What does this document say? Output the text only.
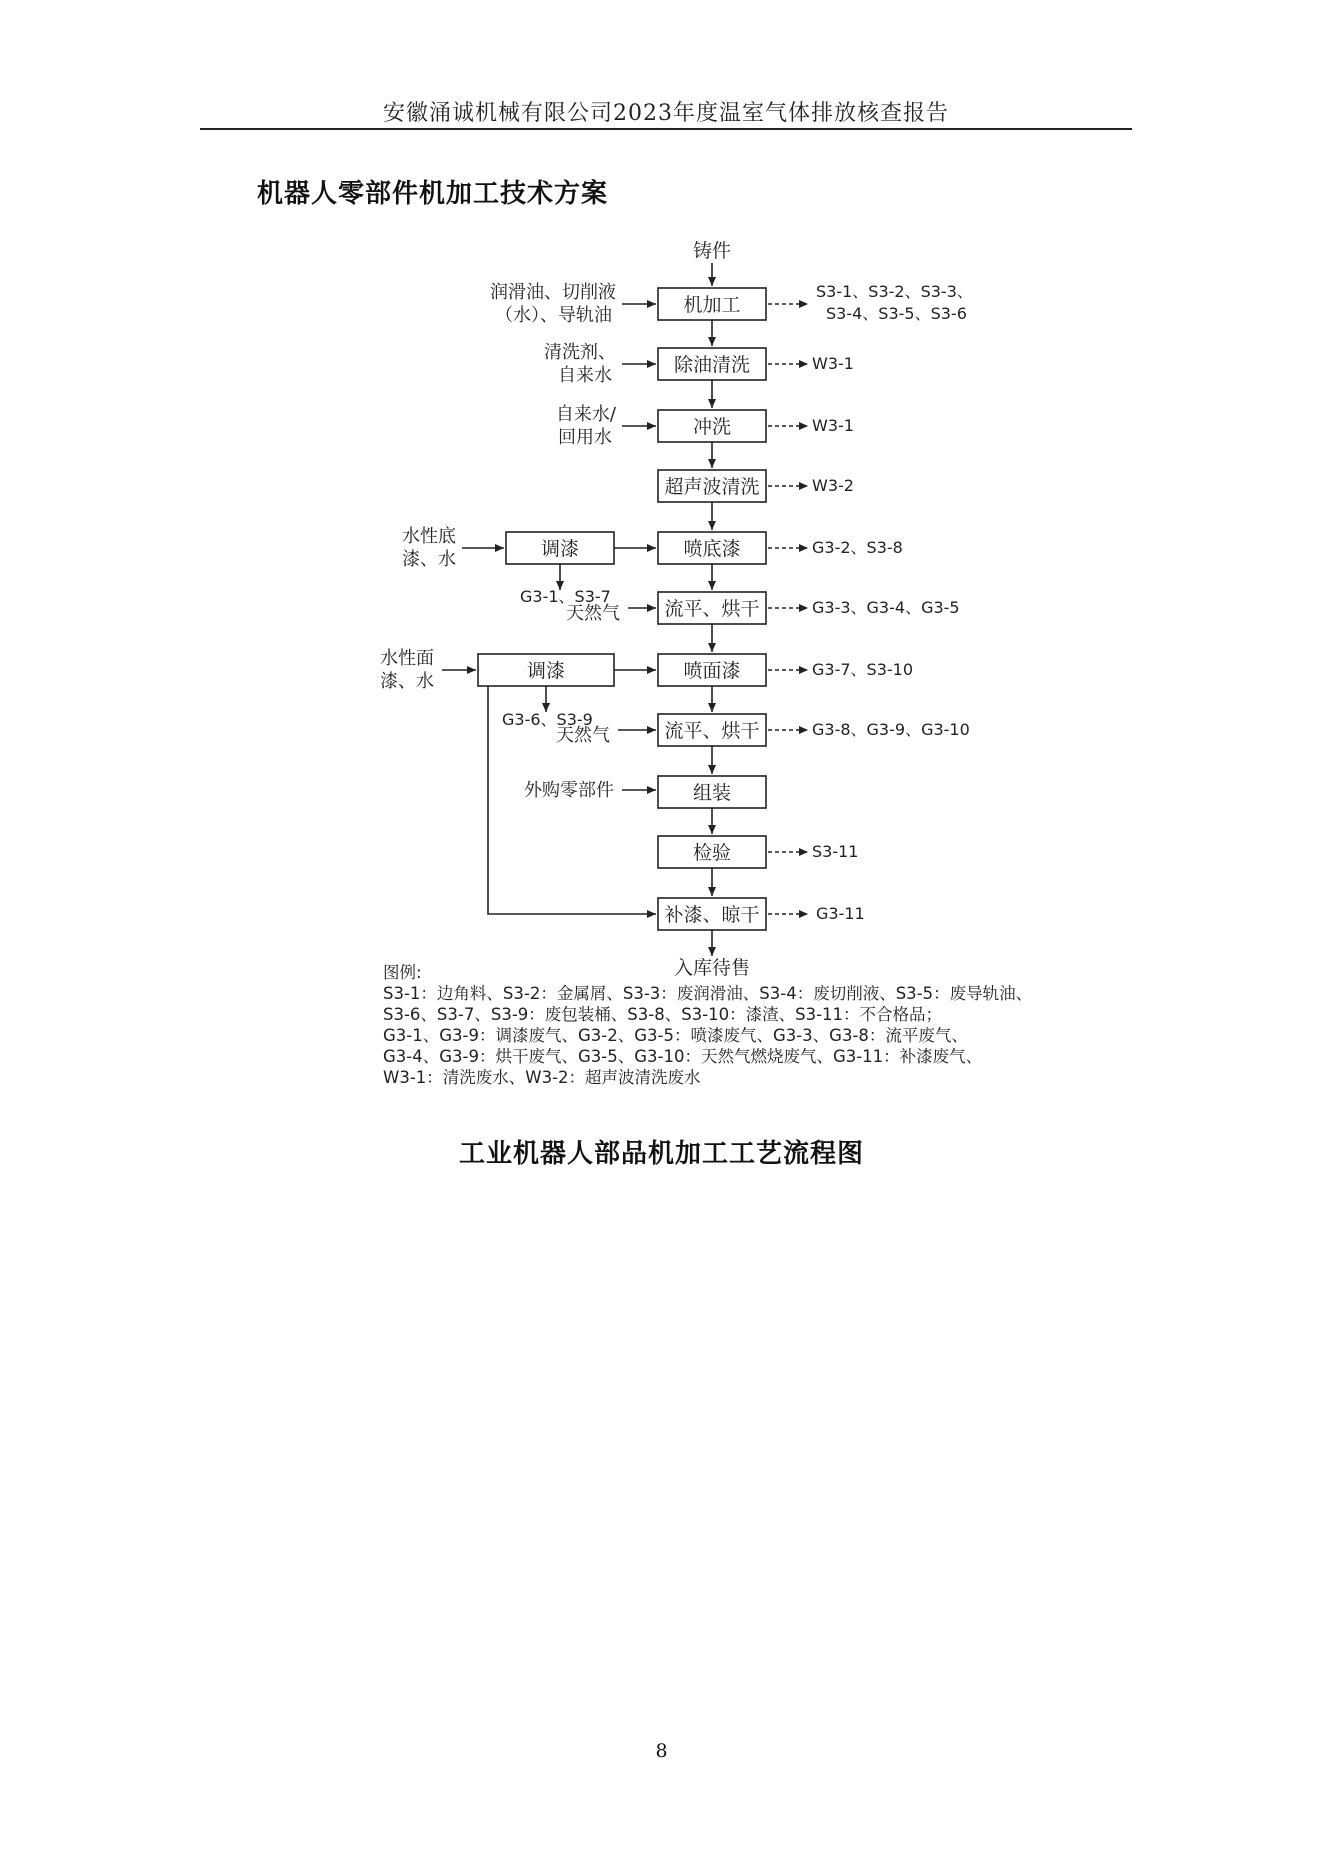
安徽涌诚机械有限公司2023年度温室气体排放核查报告
机器人零部件机加工技术方案
铸件
机加工
除油清洗
冲洗
超声波清洗
喷底漆
流平、烘干
喷面漆
流平、烘干
组装
检验
补漆、晾干
调漆
调漆
润滑油、切削液
（水）、导轨油
清洗剂、
自来水
自来水/
回用水
水性底
漆、水
水性面
漆、水
天然气
天然气
外购零部件
G3-1、S3-7
G3-6、S3-9
S3-1、S3-2、S3-3、
S3-4、S3-5、S3-6
W3-1
W3-1
W3-2
G3-2、S3-8
G3-3、G3-4、G3-5
G3-7、S3-10
G3-8、G3-9、G3-10
S3-11
G3-11
入库待售
图例:
S3-1：边角料、S3-2：金属屑、S3-3：废润滑油、S3-4：废切削液、S3-5：废导轨油、
S3-6、S3-7、S3-9：废包装桶、S3-8、S3-10：漆渣、S3-11：不合格品；
G3-1、G3-9：调漆废气、G3-2、G3-5：喷漆废气、G3-3、G3-8：流平废气、
G3-4、G3-9：烘干废气、G3-5、G3-10：天然气燃烧废气、G3-11：补漆废气、
W3-1：清洗废水、W3-2：超声波清洗废水
工业机器人部品机加工工艺流程图
8
